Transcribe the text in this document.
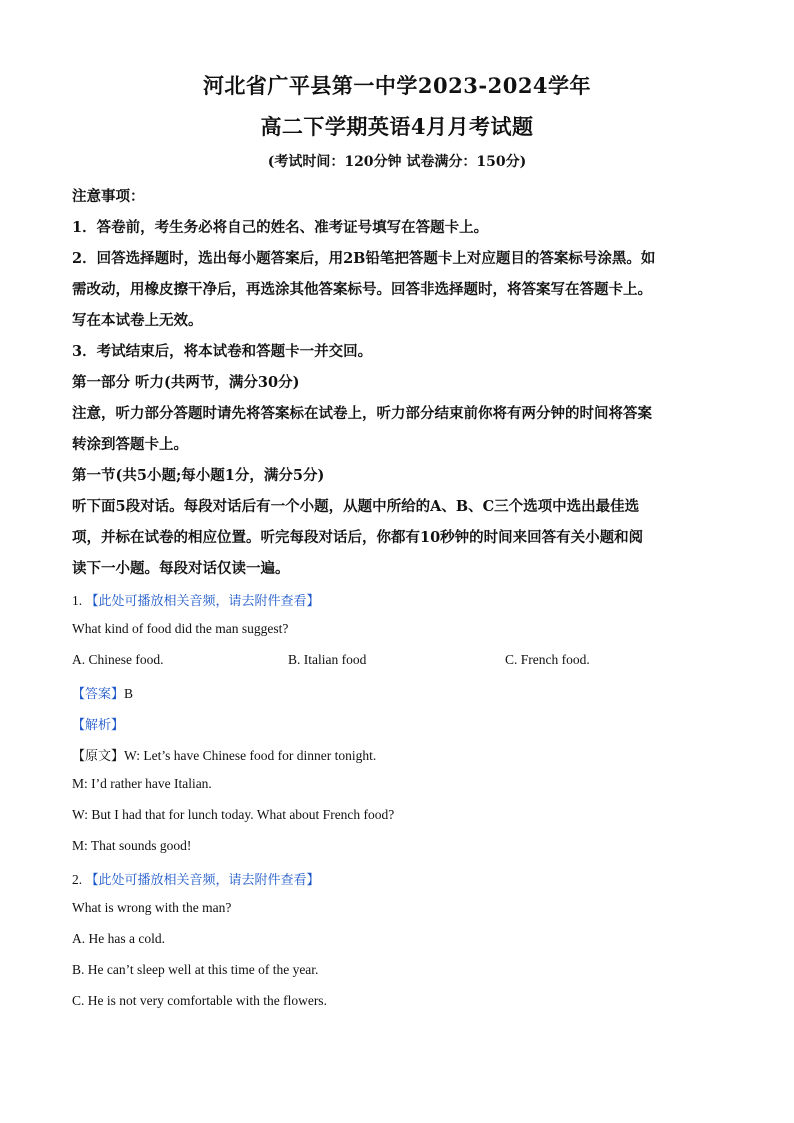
河北省广平县第一中学2023-2024学年
高二下学期英语4月月考试题
(考试时间：120分钟 试卷满分：150分)
注意事项：
1．答卷前，考生务必将自己的姓名、准考证号填写在答题卡上。
2．回答选择题时，选出每小题答案后，用2B铅笔把答题卡上对应题目的答案标号涂黑。如
需改动，用橡皮擦干净后，再选涂其他答案标号。回答非选择题时，将答案写在答题卡上。
写在本试卷上无效。
3．考试结束后，将本试卷和答题卡一并交回。
第一部分 听力(共两节，满分30分)
注意，听力部分答题时请先将答案标在试卷上，听力部分结束前你将有两分钟的时间将答案
转涂到答题卡上。
第一节(共5小题;每小题1分，满分5分)
听下面5段对话。每段对话后有一个小题，从题中所给的A、B、C三个选项中选出最佳选
项，并标在试卷的相应位置。听完每段对话后，你都有10秒钟的时间来回答有关小题和阅
读下一小题。每段对话仅读一遍。
1. 【此处可播放相关音频，请去附件查看】
What kind of food did the man suggest?
A. Chinese food.	B. Italian food	C. French food.
【答案】B
【解析】
【原文】W: Let’s have Chinese food for dinner tonight.
M: I’d rather have Italian.
W: But I had that for lunch today. What about French food?
M: That sounds good!
2. 【此处可播放相关音频，请去附件查看】
What is wrong with the man?
A. He has a cold.
B. He can’t sleep well at this time of the year.
C. He is not very comfortable with the flowers.
